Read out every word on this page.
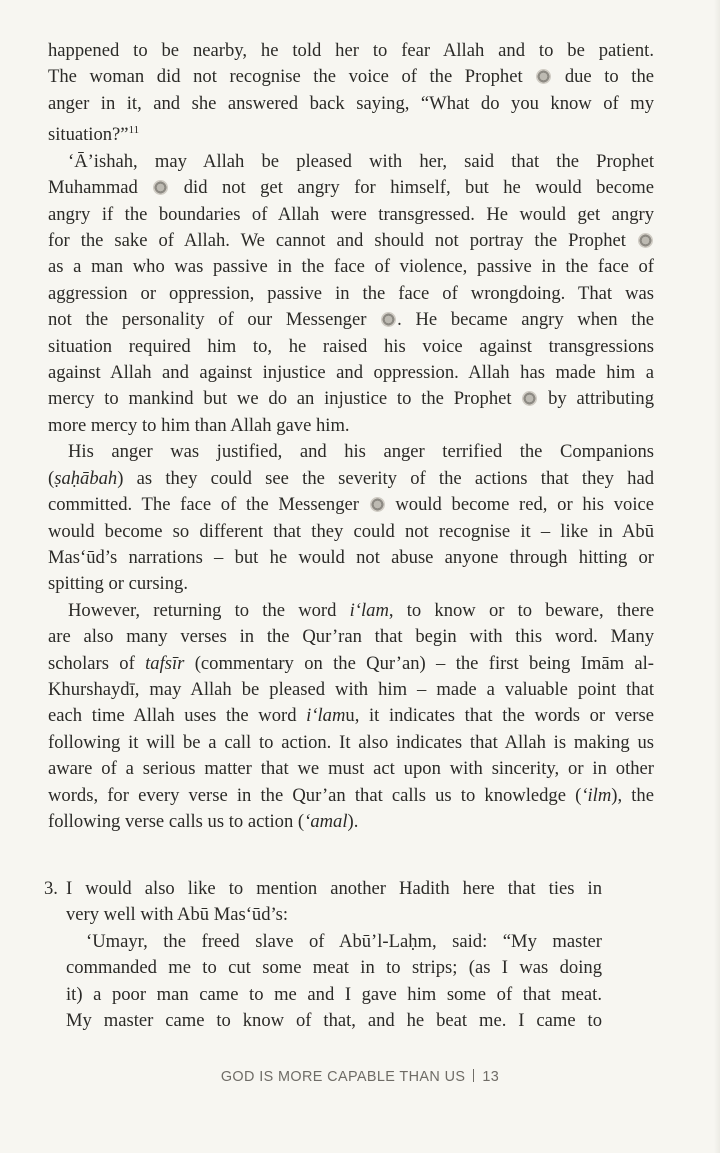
happened to be nearby, he told her to fear Allah and to be patient.
The woman did not recognise the voice of the Prophet  due to the
anger in it, and she answered back saying, “What do you know of my
situation?”$^{11}$

‘Ā’ishah, may Allah be pleased with her, said that the Prophet
Muhammad  did not get angry for himself, but he would become
angry if the boundaries of Allah were transgressed. He would get angry
for the sake of Allah. We cannot and should not portray the Prophet
as a man who was passive in the face of violence, passive in the face of
aggression or oppression, passive in the face of wrongdoing. That was
not the personality of our Messenger . He became angry when the
situation required him to, he raised his voice against transgressions
against Allah and against injustice and oppression. Allah has made him a
mercy to mankind but we do an injustice to the Prophet  by attributing
more mercy to him than Allah gave him.

His anger was justified, and his anger terrified the Companions
(ṣaḥābah) as they could see the severity of the actions that they had
committed. The face of the Messenger  would become red, or his voice
would become so different that they could not recognise it – like in Abū
Mas‘ūd’s narrations – but he would not abuse anyone through hitting or
spitting or cursing.

However, returning to the word i‘lam, to know or to beware, there
are also many verses in the Qur’ran that begin with this word. Many
scholars of tafsīr (commentary on the Qur’an) – the first being Imām al-
Khurshaydī, may Allah be pleased with him – made a valuable point that
each time Allah uses the word i‘lamu, it indicates that the words or verse
following it will be a call to action. It also indicates that Allah is making us
aware of a serious matter that we must act upon with sincerity, or in other
words, for every verse in the Qur’an that calls us to knowledge (‘ilm), the
following verse calls us to action (‘amal).

3. I would also like to mention another Hadith here that ties in
very well with Abū Mas‘ūd’s:

‘Umayr, the freed slave of Abū’l-Laḥm, said: “My master
commanded me to cut some meat in to strips; (as I was doing
it) a poor man came to me and I gave him some of that meat.
My master came to know of that, and he beat me. I came to

GOD IS MORE CAPABLE THAN US 13
